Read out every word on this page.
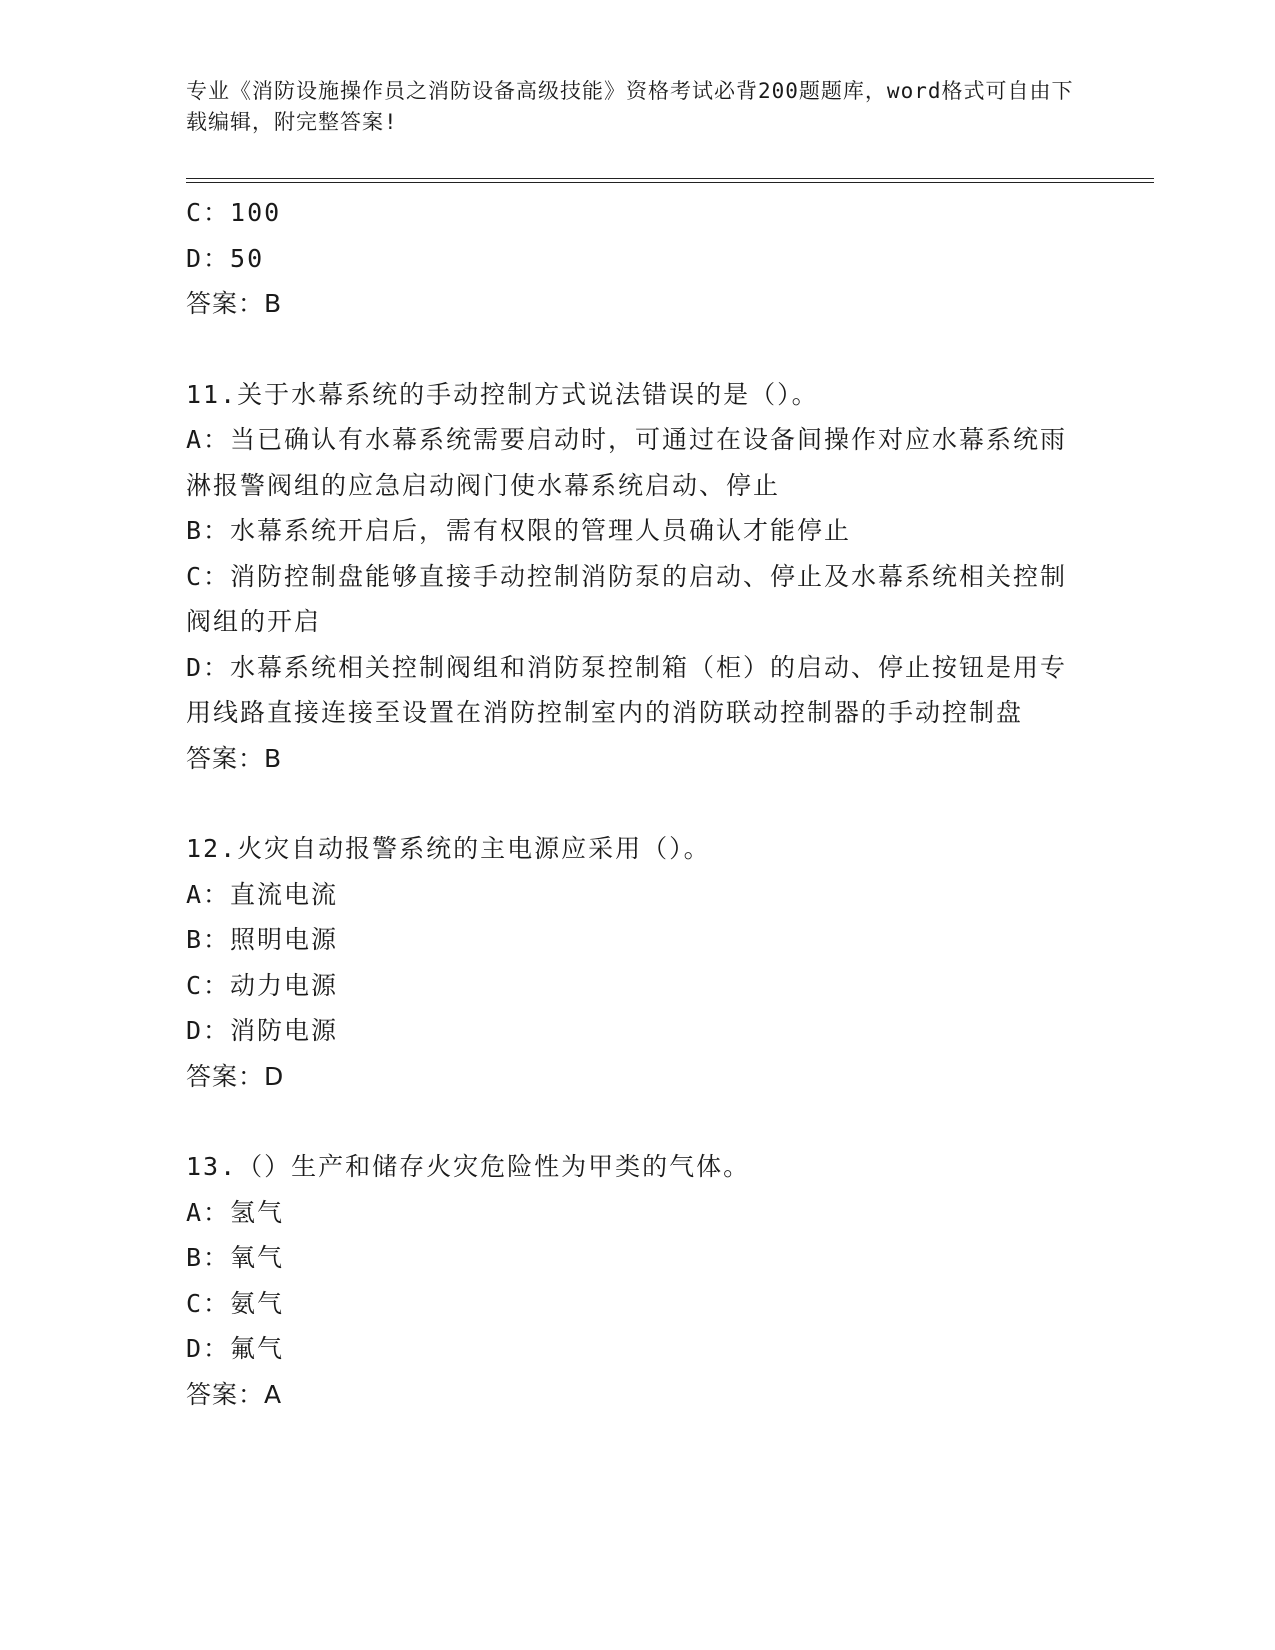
专业《消防设施操作员之消防设备高级技能》资格考试必背200题题库，word格式可自由下载编辑，附完整答案!
C：100
D：50
答案：B
11.关于水幕系统的手动控制方式说法错误的是（）。
A：当已确认有水幕系统需要启动时，可通过在设备间操作对应水幕系统雨淋报警阀组的应急启动阀门使水幕系统启动、停止
B：水幕系统开启后，需有权限的管理人员确认才能停止
C：消防控制盘能够直接手动控制消防泵的启动、停止及水幕系统相关控制阀组的开启
D：水幕系统相关控制阀组和消防泵控制箱（柜）的启动、停止按钮是用专用线路直接连接至设置在消防控制室内的消防联动控制器的手动控制盘
答案：B
12.火灾自动报警系统的主电源应采用（）。
A：直流电流
B：照明电源
C：动力电源
D：消防电源
答案：D
13.（）生产和储存火灾危险性为甲类的气体。
A：氢气
B：氧气
C：氨气
D：氟气
答案：A
